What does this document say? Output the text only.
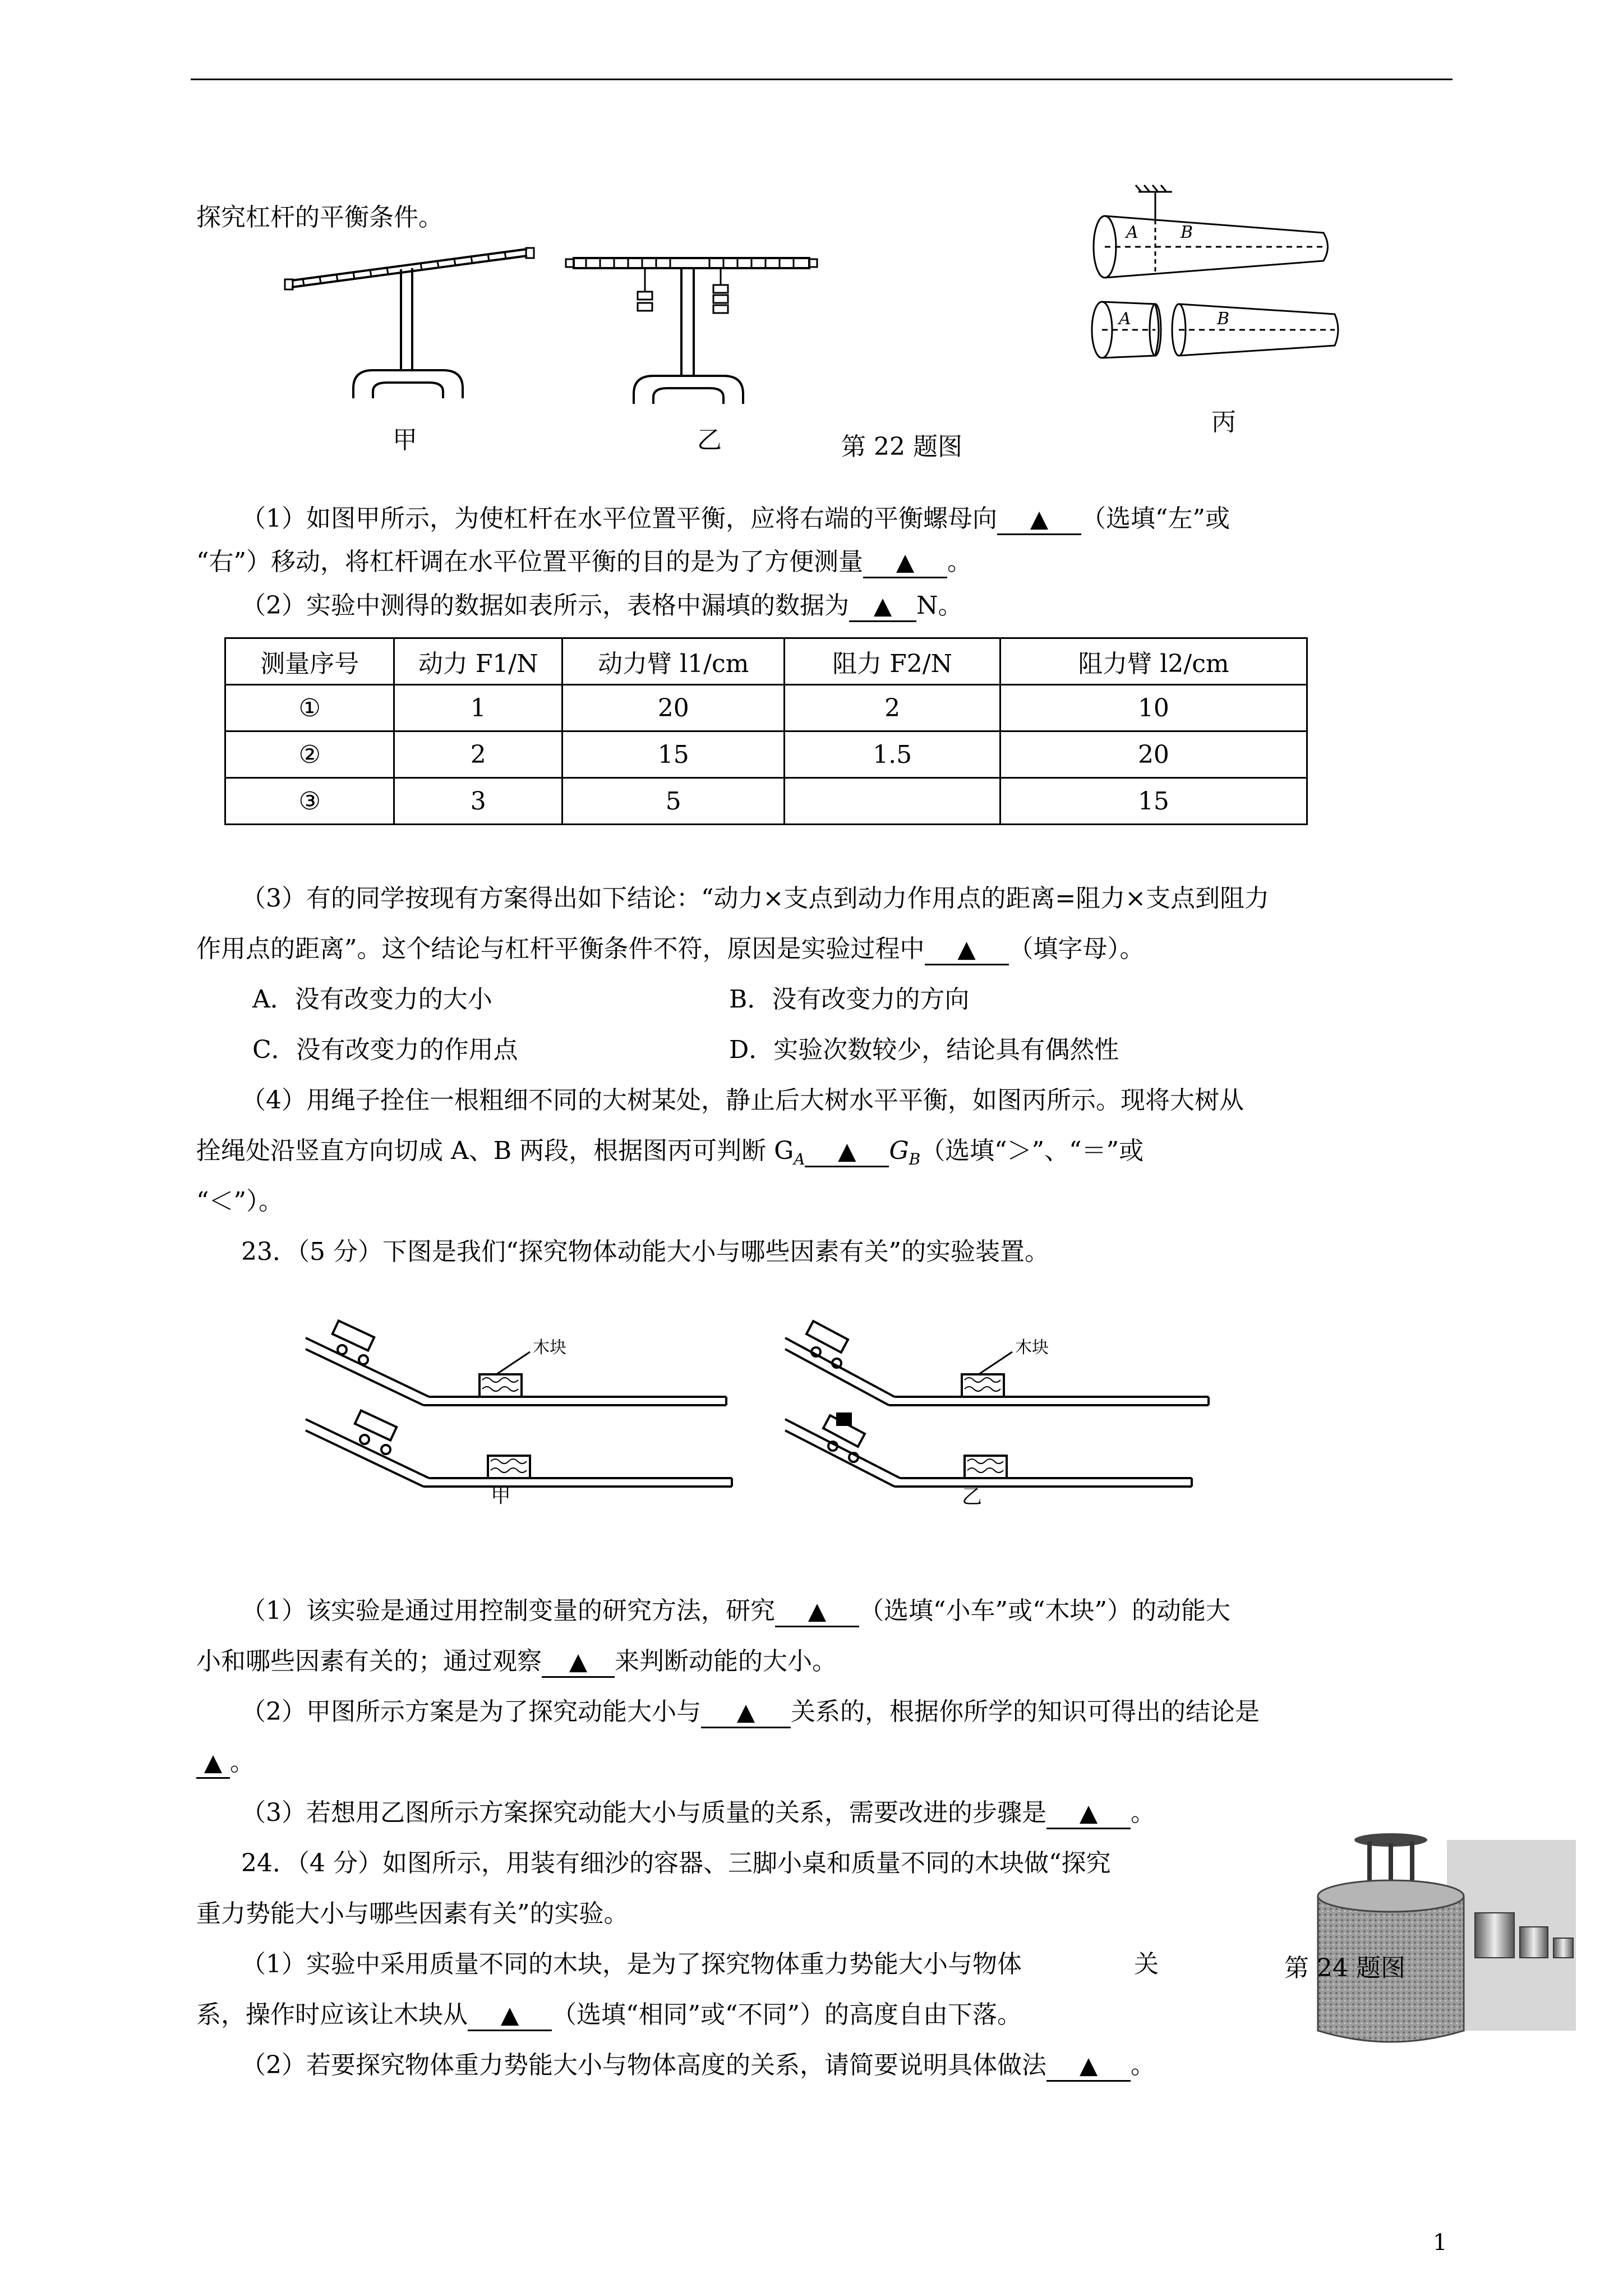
探究杠杆的平衡条件。
甲	乙	第 22 题图
A	B
A	B
丙
（1）如图甲所示，为使杠杆在水平位置平衡，应将右端的平衡螺母向 ▲ （选填“左”或
“右”）移动，将杠杆调在水平位置平衡的目的是为了方便测量 ▲ 。
（2）实验中测得的数据如表所示，表格中漏填的数据为 ▲ N。
测量序号	动力 F1/N	动力臂 l1/cm	阻力 F2/N	阻力臂 l2/cm
①	1	20	2	10
②	2	15	1.5	20
③	3	5		15
（3）有的同学按现有方案得出如下结论：“动力×支点到动力作用点的距离=阻力×支点到阻力
作用点的距离”。这个结论与杠杆平衡条件不符，原因是实验过程中 ▲ （填字母）。
A．没有改变力的大小	B．没有改变力的方向
C．没有改变力的作用点	D．实验次数较少，结论具有偶然性
（4）用绳子拴住一根粗细不同的大树某处，静止后大树水平平衡，如图丙所示。现将大树从
拴绳处沿竖直方向切成 A、B 两段，根据图丙可判断 $G_A$ ▲ $G_B$（选填“＞”、“＝”或
“＜”）。
23．（5 分）下图是我们“探究物体动能大小与哪些因素有关”的实验装置。
木块
甲
木块
乙
（1）该实验是通过用控制变量的研究方法，研究 ▲ （选填“小车”或“木块”）的动能大
小和哪些因素有关的；通过观察 ▲ 来判断动能的大小。
（2）甲图所示方案是为了探究动能大小与 ▲ 关系的，根据你所学的知识可得出的结论是
▲ 。
（3）若想用乙图所示方案探究动能大小与质量的关系，需要改进的步骤是 ▲ 。
24．（4 分）如图所示，用装有细沙的容器、三脚小桌和质量不同的木块做“探究
重力势能大小与哪些因素有关”的实验。
（1）实验中采用质量不同的木块，是为了探究物体重力势能大小与物体	关
系，操作时应该让木块从 ▲ （选填“相同”或“不同”）的高度自由下落。
（2）若要探究物体重力势能大小与物体高度的关系，请简要说明具体做法 ▲ 。
第 24 题图
1
